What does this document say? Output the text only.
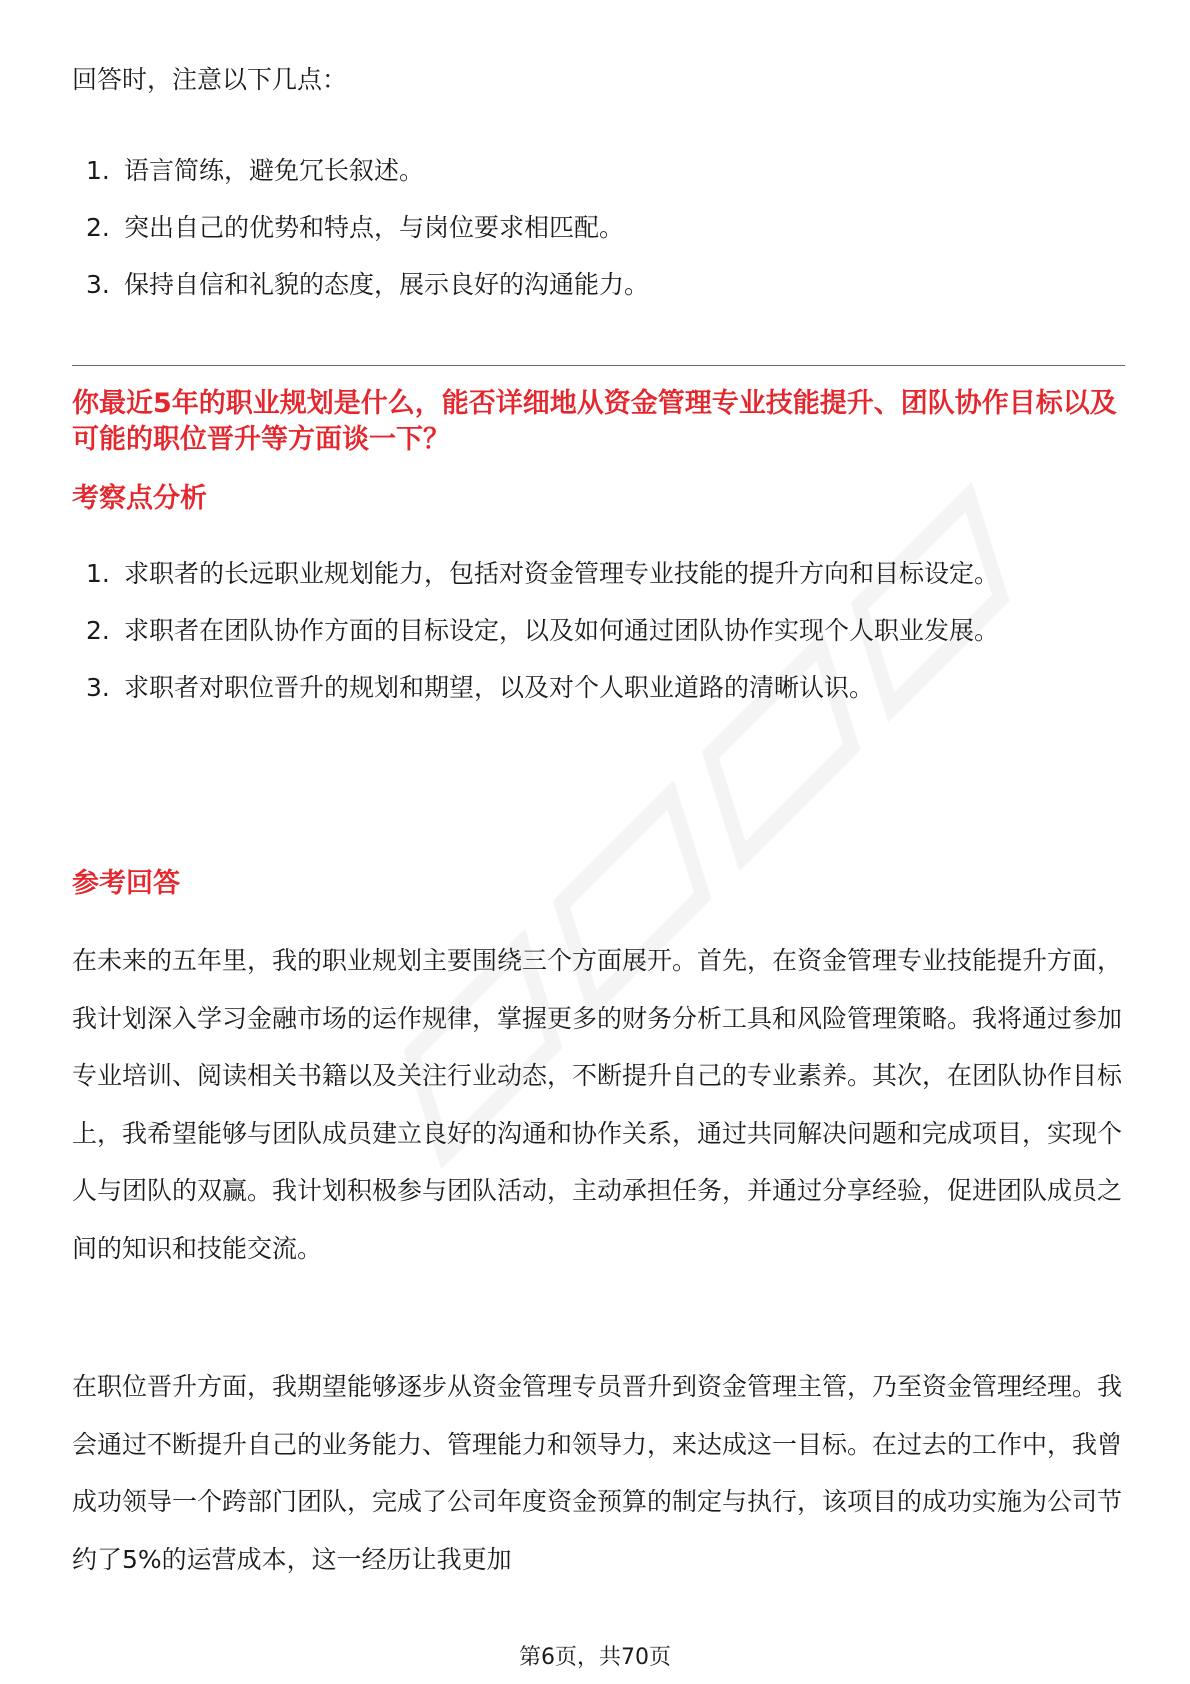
回答时，注意以下几点：
1. 语言简练，避免冗长叙述。
2. 突出自己的优势和特点，与岗位要求相匹配。
3. 保持自信和礼貌的态度，展示良好的沟通能力。
你最近5年的职业规划是什么，能否详细地从资金管理专业技能提升、团队协作目标以及可能的职位晋升等方面谈一下？
考察点分析
1. 求职者的长远职业规划能力，包括对资金管理专业技能的提升方向和目标设定。
2. 求职者在团队协作方面的目标设定，以及如何通过团队协作实现个人职业发展。
3. 求职者对职位晋升的规划和期望，以及对个人职业道路的清晰认识。
参考回答

在未来的五年里，我的职业规划主要围绕三个方面展开。首先，在资金管理专业技能提升方面，我计划深入学习金融市场的运作规律，掌握更多的财务分析工具和风险管理策略。我将通过参加专业培训、阅读相关书籍以及关注行业动态，不断提升自己的专业素养。其次，在团队协作目标上，我希望能够与团队成员建立良好的沟通和协作关系，通过共同解决问题和完成项目，实现个人与团队的双赢。我计划积极参与团队活动，主动承担任务，并通过分享经验，促进团队成员之间的知识和技能交流。

在职位晋升方面，我期望能够逐步从资金管理专员晋升到资金管理主管，乃至资金管理经理。我会通过不断提升自己的业务能力、管理能力和领导力，来达成这一目标。在过去的工作中，我曾成功领导一个跨部门团队，完成了公司年度资金预算的制定与执行，该项目的成功实施为公司节约了5%的运营成本，这一经历让我更加

第6页，共70页
